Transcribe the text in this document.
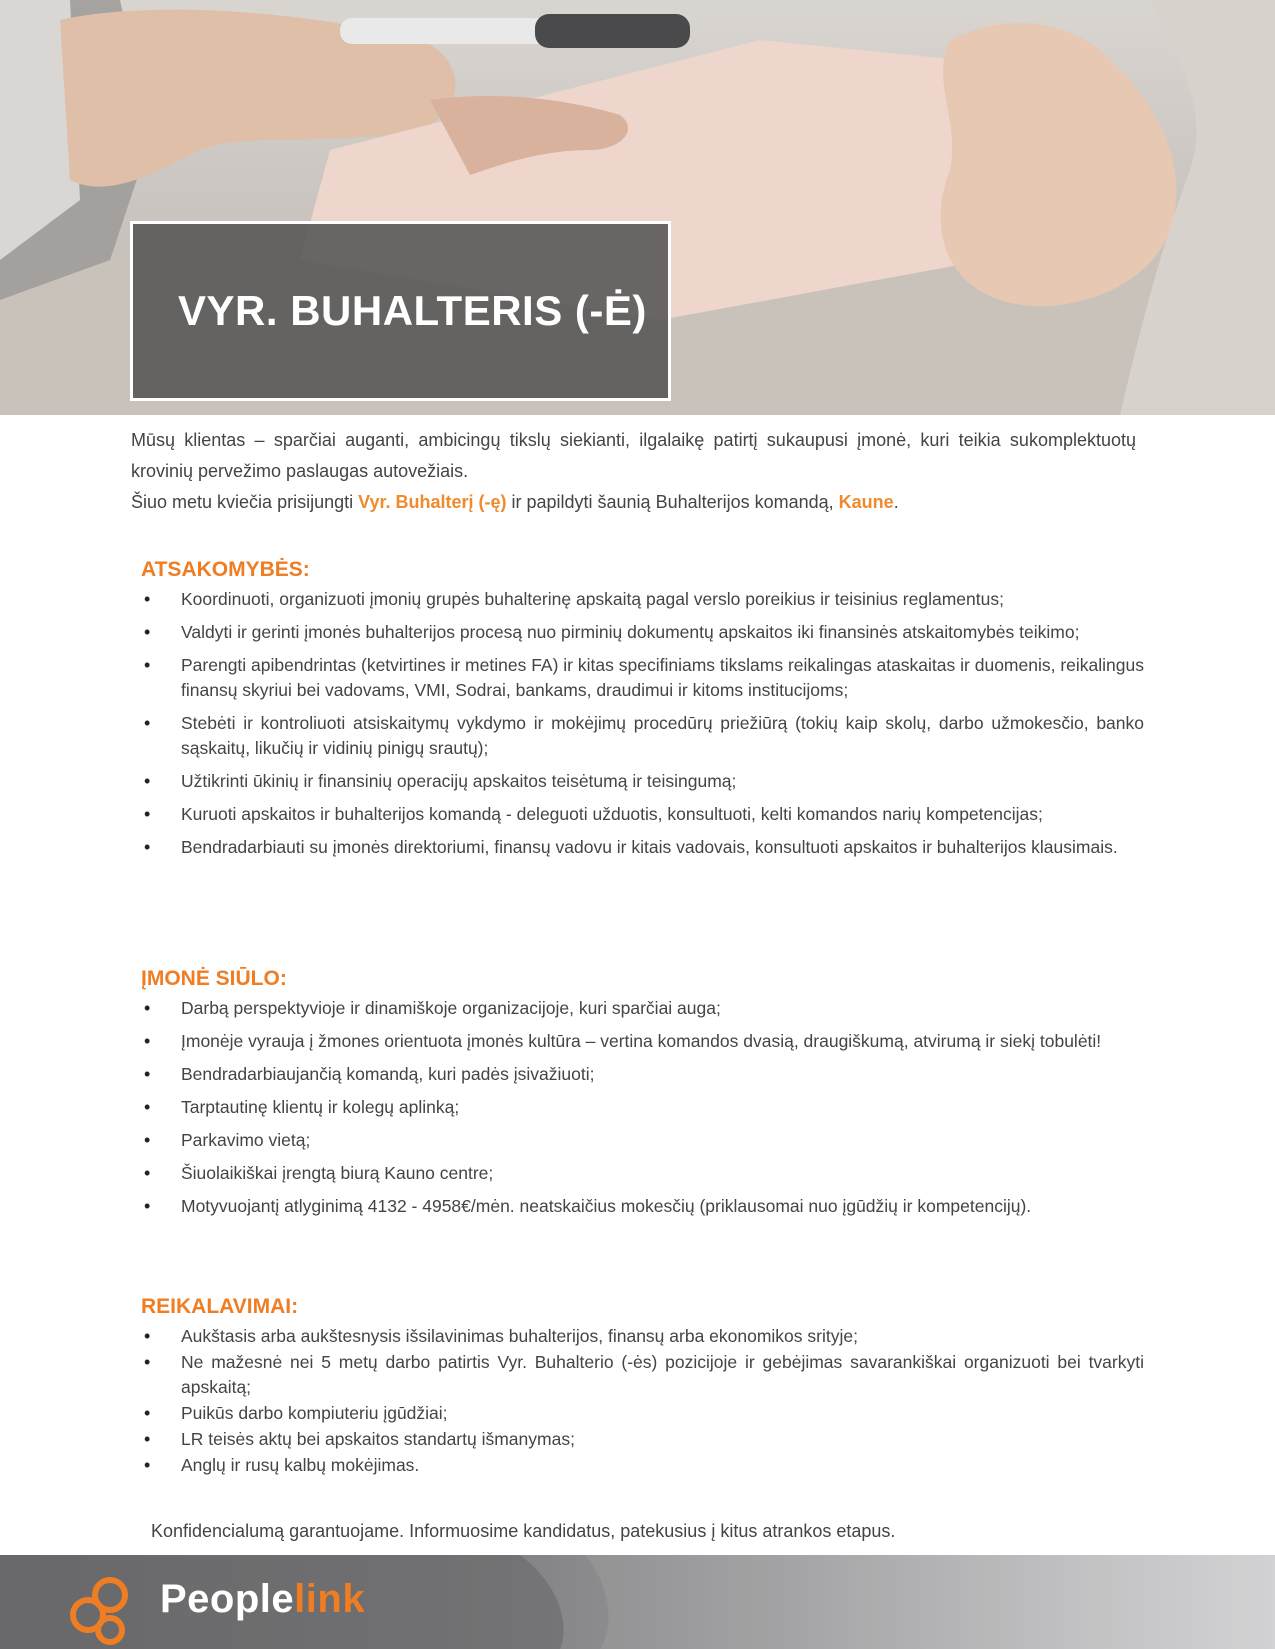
VYR. BUHALTERIS (-Ė)

Mūsų klientas – sparčiai auganti, ambicingų tikslų siekianti, ilgalaikę patirtį sukaupusi įmonė, kuri teikia sukomplektuotų krovinių pervežimo paslaugas autovežiais.

Šiuo metu kviečia prisijungti Vyr. Buhalterį (-ę) ir papildyti šaunią Buhalterijos komandą, Kaune.
ATSAKOMYBĖS:
• Koordinuoti, organizuoti įmonių grupės buhalterinę apskaitą pagal verslo poreikius ir teisinius reglamentus;
• Valdyti ir gerinti įmonės buhalterijos procesą nuo pirminių dokumentų apskaitos iki finansinės atskaitomybės teikimo;
• Parengti apibendrintas (ketvirtines ir metines FA) ir kitas specifiniams tikslams reikalingas ataskaitas ir duomenis, reikalingus finansų skyriui bei vadovams, VMI, Sodrai, bankams, draudimui ir kitoms institucijoms;
• Stebėti ir kontroliuoti atsiskaitymų vykdymo ir mokėjimų procedūrų priežiūrą (tokių kaip skolų, darbo užmokesčio, banko sąskaitų, likučių ir vidinių pinigų srautų);
• Užtikrinti ūkinių ir finansinių operacijų apskaitos teisėtumą ir teisingumą;
• Kuruoti apskaitos ir buhalterijos komandą - deleguoti užduotis, konsultuoti, kelti komandos narių kompetencijas;
• Bendradarbiauti su įmonės direktoriumi, finansų vadovu ir kitais vadovais, konsultuoti apskaitos ir buhalterijos klausimais.
ĮMONĖ SIŪLO:
• Darbą perspektyvioje ir dinamiškoje organizacijoje, kuri sparčiai auga;
• Įmonėje vyrauja į žmones orientuota įmonės kultūra – vertina komandos dvasią, draugiškumą, atvirumą ir siekį tobulėti!
• Bendradarbiaujančią komandą, kuri padės įsivažiuoti;
• Tarptautinę klientų ir kolegų aplinką;
• Parkavimo vietą;
• Šiuolaikiškai įrengtą biurą Kauno centre;
• Motyvuojantį atlyginimą 4132 - 4958€/mėn. neatskaičius mokesčių (priklausomai nuo įgūdžių ir kompetencijų).
REIKALAVIMAI:
• Aukštasis arba aukštesnysis išsilavinimas buhalterijos, finansų arba ekonomikos srityje;
• Ne mažesnė nei 5 metų darbo patirtis Vyr. Buhalterio (-ės) pozicijoje ir gebėjimas savarankiškai organizuoti bei tvarkyti apskaitą;
• Puikūs darbo kompiuteriu įgūdžiai;
• LR teisės aktų bei apskaitos standartų išmanymas;
• Anglų ir rusų kalbų mokėjimas.
Konfidencialumą garantuojame. Informuosime kandidatus, patekusius į kitus atrankos etapus.
Peoplelink
